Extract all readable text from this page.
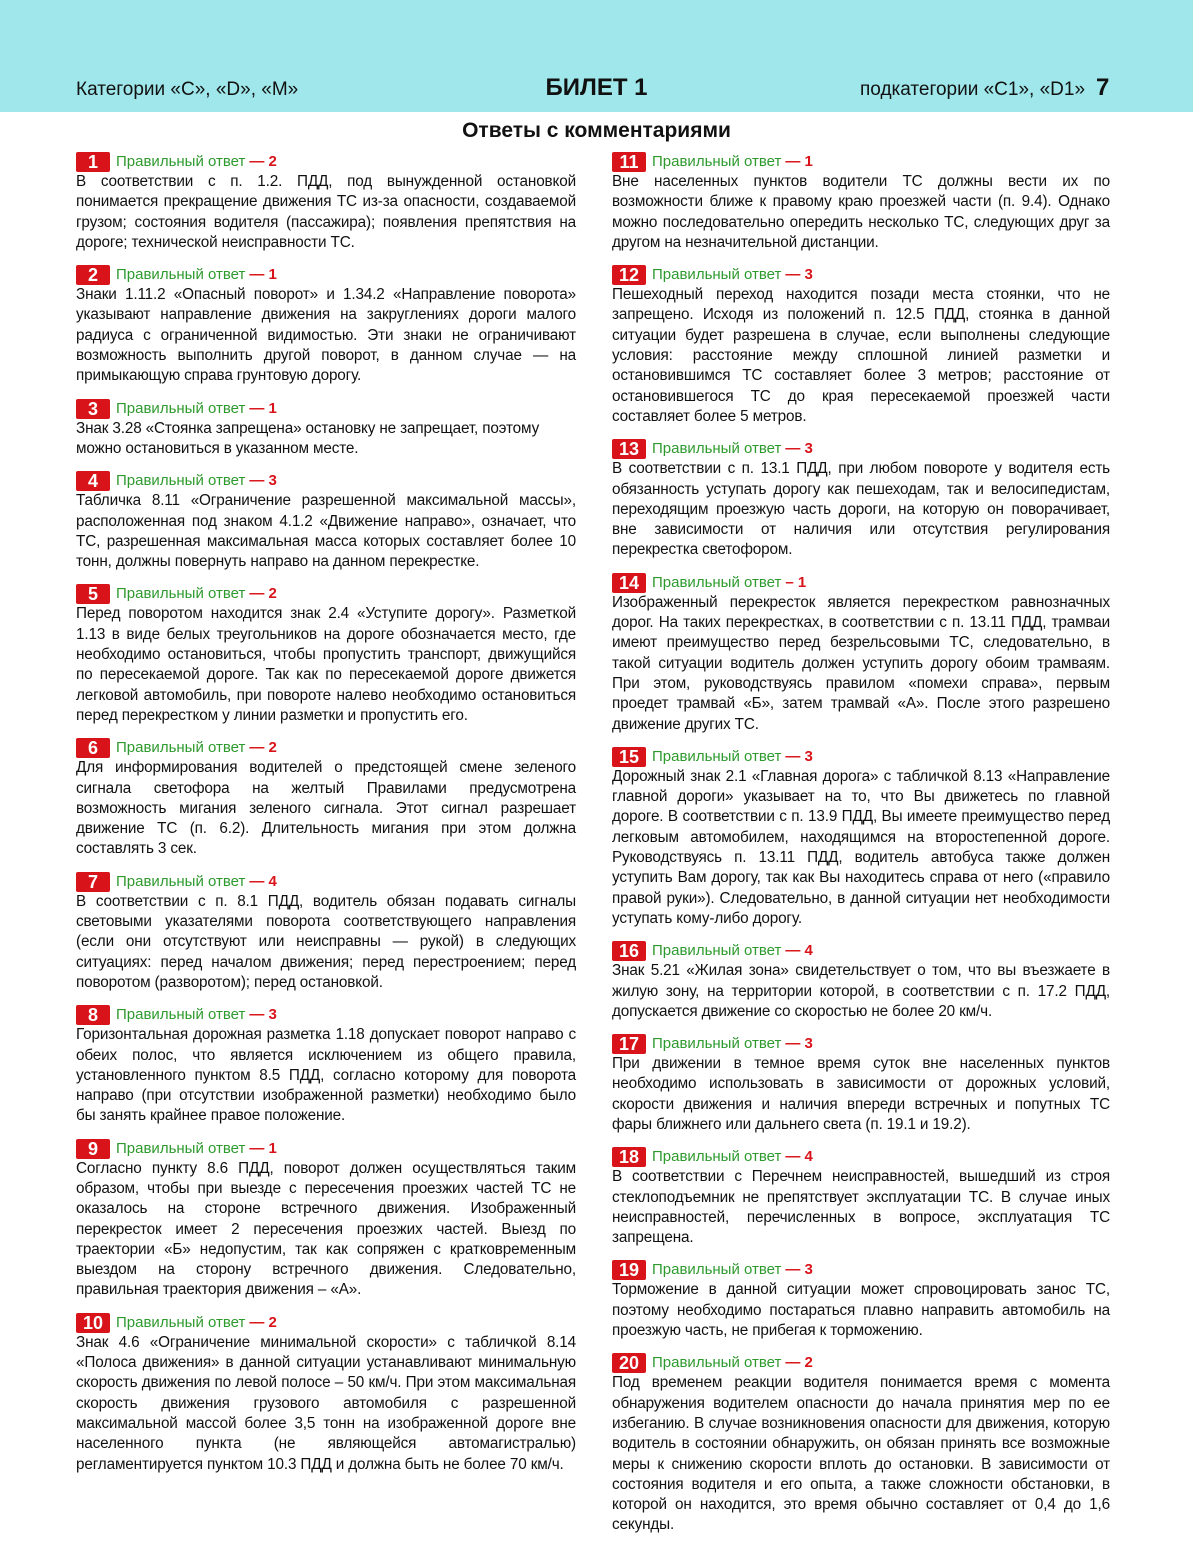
Категории «С», «D», «М»	БИЛЕТ 1	подкатегории «С1», «D1» 7
Ответы с комментариями
1	Правильный ответ — 2

В соответствии с п. 1.2. ПДД, под вынужденной остановкой понимается прекращение движения ТС из-за опасности, создаваемой грузом; состояния водителя (пассажира); появления препятствия на дороге; технической неисправности ТС.

2	Правильный ответ — 1

Знаки 1.11.2 «Опасный поворот» и 1.34.2 «Направление поворота» указывают направление движения на закруглениях дороги малого радиуса с ограниченной видимостью. Эти знаки не ограничивают возможность выполнить другой поворот, в данном случае — на примыкающую справа грунтовую дорогу.

3	Правильный ответ — 1

Знак 3.28 «Стоянка запрещена» остановку не запрещает, поэтому можно остановиться в указанном месте.

4	Правильный ответ — 3

Табличка 8.11 «Ограничение разрешенной максимальной массы», расположенная под знаком 4.1.2 «Движение направо», означает, что ТС, разрешенная максимальная масса которых составляет более 10 тонн, должны повернуть направо на данном перекрестке.

5	Правильный ответ — 2

Перед поворотом находится знак 2.4 «Уступите дорогу». Разметкой 1.13 в виде белых треугольников на дороге обозначается место, где необходимо остановиться, чтобы пропустить транспорт, движущийся по пересекаемой дороге. Так как по пересекаемой дороге движется легковой автомобиль, при повороте налево необходимо остановиться перед перекрестком у линии разметки и пропустить его.

6	Правильный ответ — 2

Для информирования водителей о предстоящей смене зеленого сигнала светофора на желтый Правилами предусмотрена возможность мигания зеленого сигнала. Этот сигнал разрешает движение ТС (п. 6.2). Длительность мигания при этом должна составлять 3 сек.

7	Правильный ответ — 4

В соответствии с п. 8.1 ПДД, водитель обязан подавать сигналы световыми указателями поворота соответствующего направления (если они отсутствуют или неисправны — рукой) в следующих ситуациях: перед началом движения; перед перестроением; перед поворотом (разворотом); перед остановкой.

8	Правильный ответ — 3

Горизонтальная дорожная разметка 1.18 допускает поворот направо с обеих полос, что является исключением из общего правила, установленного пунктом 8.5 ПДД, согласно которому для поворота направо (при отсутствии изображенной разметки) необходимо было бы занять крайнее правое положение.

9	Правильный ответ — 1

Согласно пункту 8.6 ПДД, поворот должен осуществляться таким образом, чтобы при выезде с пересечения проезжих частей ТС не оказалось на стороне встречного движения. Изображенный перекресток имеет 2 пересечения проезжих частей. Выезд по траектории «Б» недопустим, так как сопряжен с кратковременным выездом на сторону встречного движения. Следовательно, правильная траектория движения – «А».

10 Правильный ответ — 2

Знак 4.6 «Ограничение минимальной скорости» с табличкой 8.14 «Полоса движения» в данной ситуации устанавливают минимальную скорость движения по левой полосе – 50 км/ч. При этом максимальная скорость движения грузового автомобиля с разрешенной максимальной массой более 3,5 тонн на изображенной дороге вне населенного пункта (не являющейся автомагистралью) регламентируется пунктом 10.3 ПДД и должна быть не более 70 км/ч.

11 Правильный ответ — 1

Вне населенных пунктов водители ТС должны вести их по возможности ближе к правому краю проезжей части (п. 9.4). Однако можно последовательно опередить несколько ТС, следующих друг за другом на незначительной дистанции.

12 Правильный ответ — 3

Пешеходный переход находится позади места стоянки, что не запрещено. Исходя из положений п. 12.5 ПДД, стоянка в данной ситуации будет разрешена в случае, если выполнены следующие условия: расстояние между сплошной линией разметки и остановившимся ТС составляет более 3 метров; расстояние от остановившегося ТС до края пересекаемой проезжей части составляет более 5 метров.

13 Правильный ответ — 3

В соответствии с п. 13.1 ПДД, при любом повороте у водителя есть обязанность уступать дорогу как пешеходам, так и велосипедистам, переходящим проезжую часть дороги, на которую он поворачивает, вне зависимости от наличия или отсутствия регулирования перекрестка светофором.

14 Правильный ответ – 1

Изображенный перекресток является перекрестком равнозначных дорог. На таких перекрестках, в соответствии с п. 13.11 ПДД, трамваи имеют преимущество перед безрельсовыми ТС, следовательно, в такой ситуации водитель должен уступить дорогу обоим трамваям. При этом, руководствуясь правилом «помехи справа», первым проедет трамвай «Б», затем трамвай «А». После этого разрешено движение других ТС.

15 Правильный ответ — 3

Дорожный знак 2.1 «Главная дорога» с табличкой 8.13 «Направление главной дороги» указывает на то, что Вы движетесь по главной дороге. В соответствии с п. 13.9 ПДД, Вы имеете преимущество перед легковым автомобилем, находящимся на второстепенной дороге. Руководствуясь п. 13.11 ПДД, водитель автобуса также должен уступить Вам дорогу, так как Вы находитесь справа от него («правило правой руки»). Следовательно, в данной ситуации нет необходимости уступать кому-либо дорогу.

16 Правильный ответ — 4

Знак 5.21 «Жилая зона» свидетельствует о том, что вы въезжаете в жилую зону, на территории которой, в соответствии с п. 17.2 ПДД, допускается движение со скоростью не более 20 км/ч.

17 Правильный ответ — 3

При движении в темное время суток вне населенных пунктов необходимо использовать в зависимости от дорожных условий, скорости движения и наличия впереди встречных и попутных ТС фары ближнего или дальнего света (п. 19.1 и 19.2).

18 Правильный ответ — 4

В соответствии с Перечнем неисправностей, вышедший из строя стеклоподъемник не препятствует эксплуатации ТС. В случае иных неисправностей, перечисленных в вопросе, эксплуатация ТС запрещена.

19 Правильный ответ — 3

Торможение в данной ситуации может спровоцировать занос ТС, поэтому необходимо постараться плавно направить автомобиль на проезжую часть, не прибегая к торможению.

20 Правильный ответ — 2

Под временем реакции водителя понимается время с момента обнаружения водителем опасности до начала принятия мер по ее избеганию. В случае возникновения опасности для движения, которую водитель в состоянии обнаружить, он обязан принять все возможные меры к снижению скорости вплоть до остановки. В зависимости от состояния водителя и его опыта, а также сложности обстановки, в которой он находится, это время обычно составляет от 0,4 до 1,6 секунды.
